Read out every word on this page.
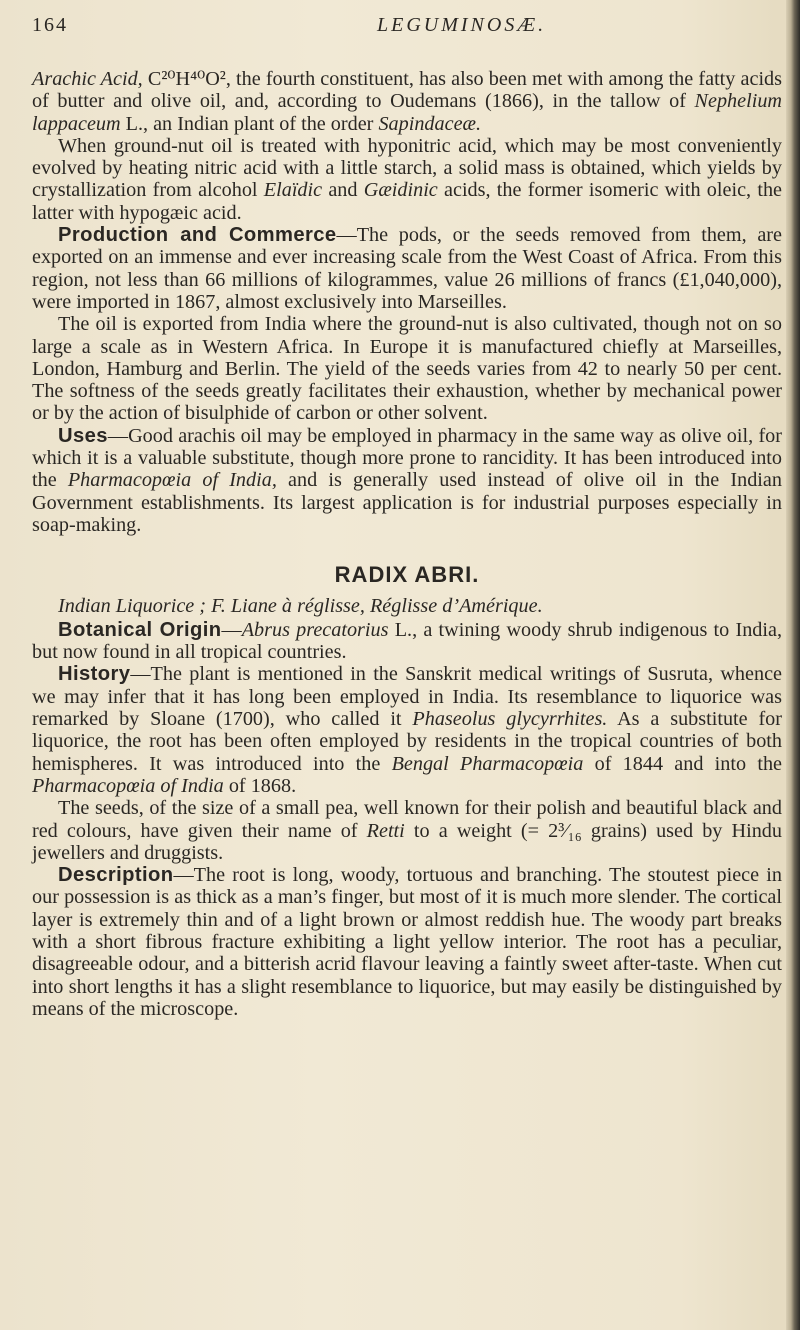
164	LEGUMINOSÆ.

Arachic Acid, C²⁰H⁴⁰O², the fourth constituent, has also been met with among the fatty acids of butter and olive oil, and, according to Oudemans (1866), in the tallow of Nephelium lappaceum L., an Indian plant of the order Sapindaceæ.

When ground-nut oil is treated with hyponitric acid, which may be most conveniently evolved by heating nitric acid with a little starch, a solid mass is obtained, which yields by crystallization from alcohol Elaïdic and Gæidinic acids, the former isomeric with oleic, the latter with hypogæic acid.

Production and Commerce—The pods, or the seeds removed from them, are exported on an immense and ever increasing scale from the West Coast of Africa. From this region, not less than 66 millions of kilogrammes, value 26 millions of francs (£1,040,000), were imported in 1867, almost exclusively into Marseilles.

The oil is exported from India where the ground-nut is also cultivated, though not on so large a scale as in Western Africa. In Europe it is manufactured chiefly at Marseilles, London, Hamburg and Berlin. The yield of the seeds varies from 42 to nearly 50 per cent. The softness of the seeds greatly facilitates their exhaustion, whether by mechanical power or by the action of bisulphide of carbon or other solvent.

Uses—Good arachis oil may be employed in pharmacy in the same way as olive oil, for which it is a valuable substitute, though more prone to rancidity. It has been introduced into the Pharmacopœia of India, and is generally used instead of olive oil in the Indian Government establishments. Its largest application is for industrial purposes especially in soap-making.

RADIX ABRI.

Indian Liquorice ; F. Liane à réglisse, Réglisse d’Amérique.

Botanical Origin—Abrus precatorius L., a twining woody shrub indigenous to India, but now found in all tropical countries.

History—The plant is mentioned in the Sanskrit medical writings of Susruta, whence we may infer that it has long been employed in India. Its resemblance to liquorice was remarked by Sloane (1700), who called it Phaseolus glycyrrhites. As a substitute for liquorice, the root has been often employed by residents in the tropical countries of both hemispheres. It was introduced into the Bengal Pharmacopœia of 1844 and into the Pharmacopœia of India of 1868.

The seeds, of the size of a small pea, well known for their polish and beautiful black and red colours, have given their name of Retti to a weight (= 2³⁄₁₆ grains) used by Hindu jewellers and druggists.

Description—The root is long, woody, tortuous and branching. The stoutest piece in our possession is as thick as a man’s finger, but most of it is much more slender. The cortical layer is extremely thin and of a light brown or almost reddish hue. The woody part breaks with a short fibrous fracture exhibiting a light yellow interior. The root has a peculiar, disagreeable odour, and a bitterish acrid flavour leaving a faintly sweet after-taste. When cut into short lengths it has a slight resemblance to liquorice, but may easily be distinguished by means of the microscope.
